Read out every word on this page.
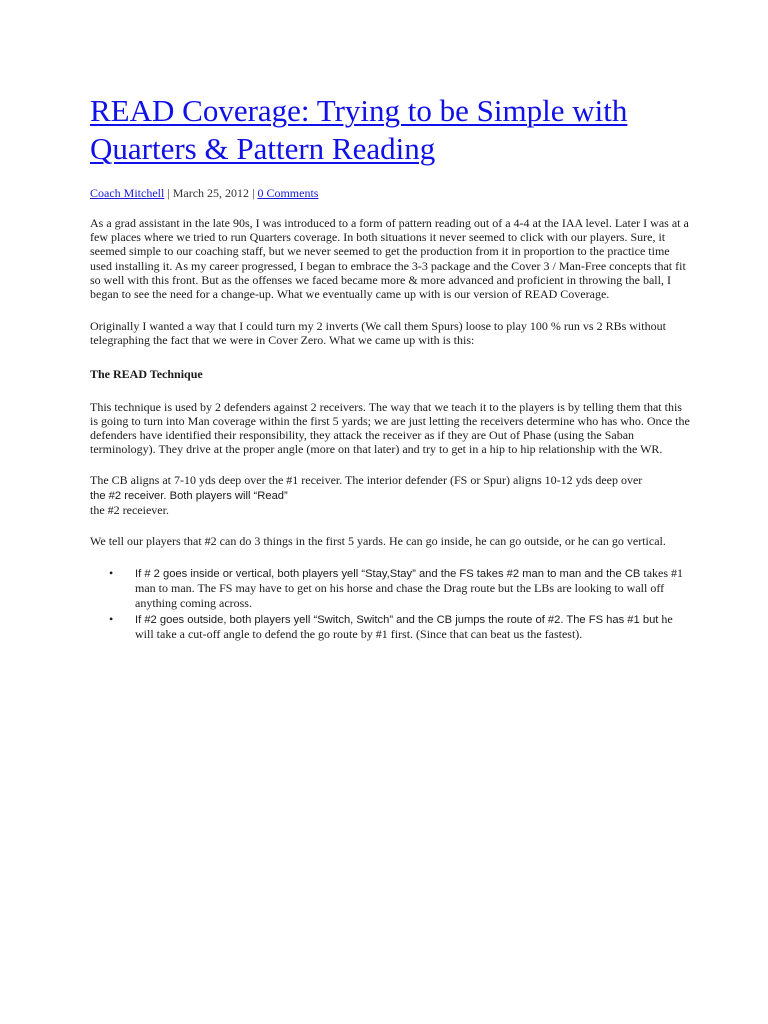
READ Coverage: Trying to be Simple with Quarters & Pattern Reading
Coach Mitchell | March 25, 2012 | 0 Comments

As a grad assistant in the late 90s, I was introduced to a form of pattern reading out of a 4-4 at the IAA level. Later I was at a few places where we tried to run Quarters coverage. In both situations it never seemed to click with our players. Sure, it seemed simple to our coaching staff, but we never seemed to get the production from it in proportion to the practice time used installing it. As my career progressed, I began to embrace the 3-3 package and the Cover 3 / Man-Free concepts that fit so well with this front. But as the offenses we faced became more & more advanced and proficient in throwing the ball, I began to see the need for a change-up. What we eventually came up with is our version of READ Coverage.

Originally I wanted a way that I could turn my 2 inverts (We call them Spurs) loose to play 100 % run vs 2 RBs without telegraphing the fact that we were in Cover Zero. What we came up with is this:

The READ Technique

This technique is used by 2 defenders against 2 receivers. The way that we teach it to the players is by telling them that this is going to turn into Man coverage within the first 5 yards; we are just letting the receivers determine who has who. Once the defenders have identified their responsibility, they attack the receiver as if they are Out of Phase (using the Saban terminology). They drive at the proper angle (more on that later) and try to get in a hip to hip relationship with the WR.

The CB aligns at 7-10 yds deep over the #1 receiver. The interior defender (FS or Spur) aligns 10-12 yds deep over
the #2 receiver. Both players will “Read”
the #2 receiever.

We tell our players that #2 can do 3 things in the first 5 yards. He can go inside, he can go outside, or he can go vertical.

• If # 2 goes inside or vertical, both players yell “Stay,Stay” and the FS takes #2 man to man and the CB takes #1 man to man. The FS may have to get on his horse and chase the Drag route but the LBs are looking to wall off anything coming across.
• If #2 goes outside, both players yell “Switch, Switch” and the CB jumps the route of #2. The FS has #1 but he will take a cut-off angle to defend the go route by #1 first. (Since that can beat us the fastest).
